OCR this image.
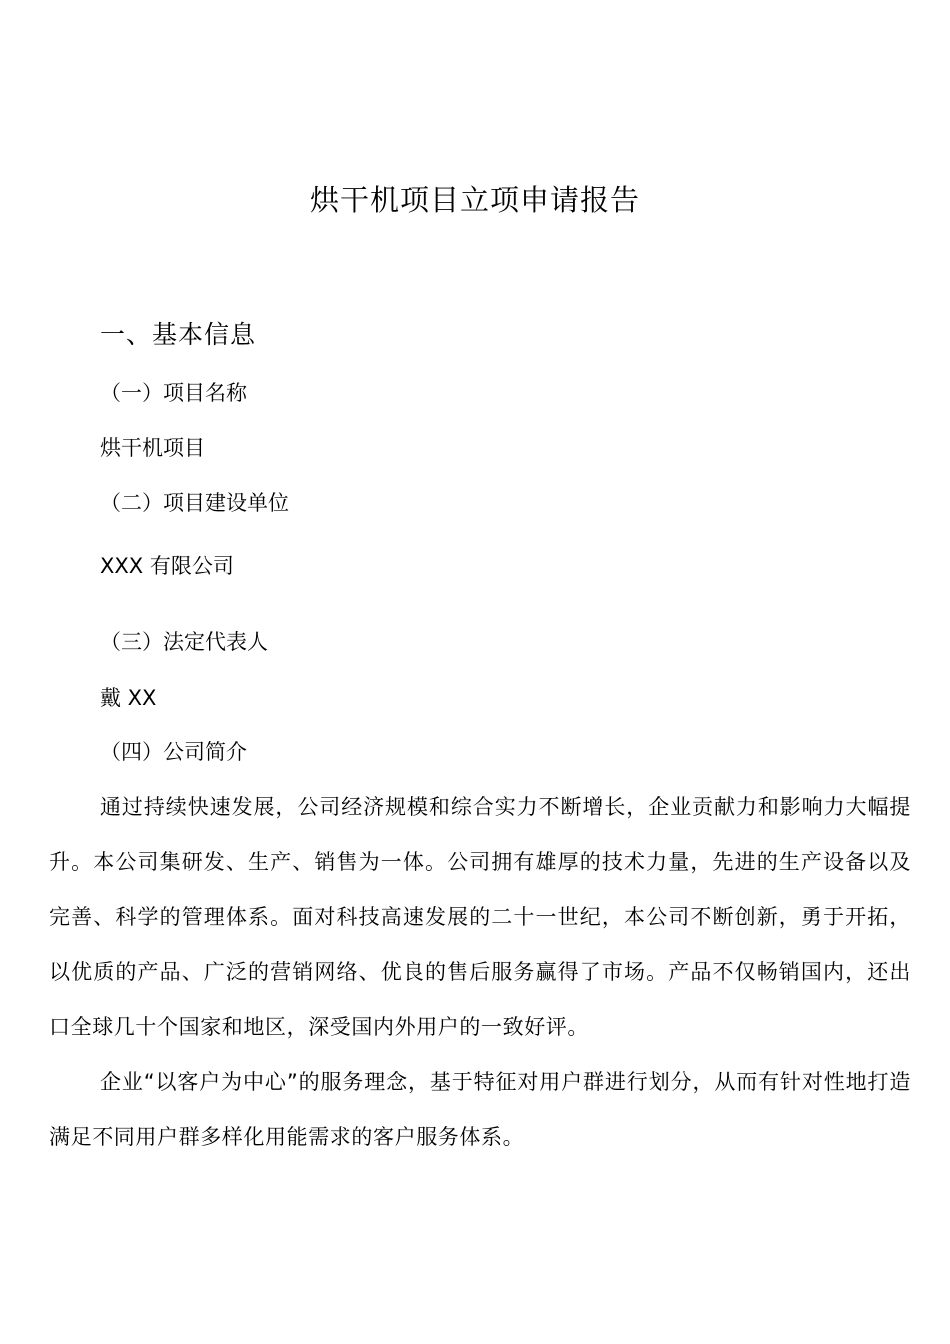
烘干机项目立项申请报告
一、基本信息
（一）项目名称
烘干机项目
（二）项目建设单位
XXX 有限公司
（三）法定代表人
戴 XX
（四）公司简介

通过持续快速发展，公司经济规模和综合实力不断增长，企业贡献力和影响力大幅提升。本公司集研发、生产、销售为一体。公司拥有雄厚的技术力量，先进的生产设备以及完善、科学的管理体系。面对科技高速发展的二十一世纪，本公司不断创新，勇于开拓，以优质的产品、广泛的营销网络、优良的售后服务赢得了市场。产品不仅畅销国内，还出口全球几十个国家和地区，深受国内外用户的一致好评。

企业“以客户为中心”的服务理念，基于特征对用户群进行划分，从而有针对性地打造满足不同用户群多样化用能需求的客户服务体系。
